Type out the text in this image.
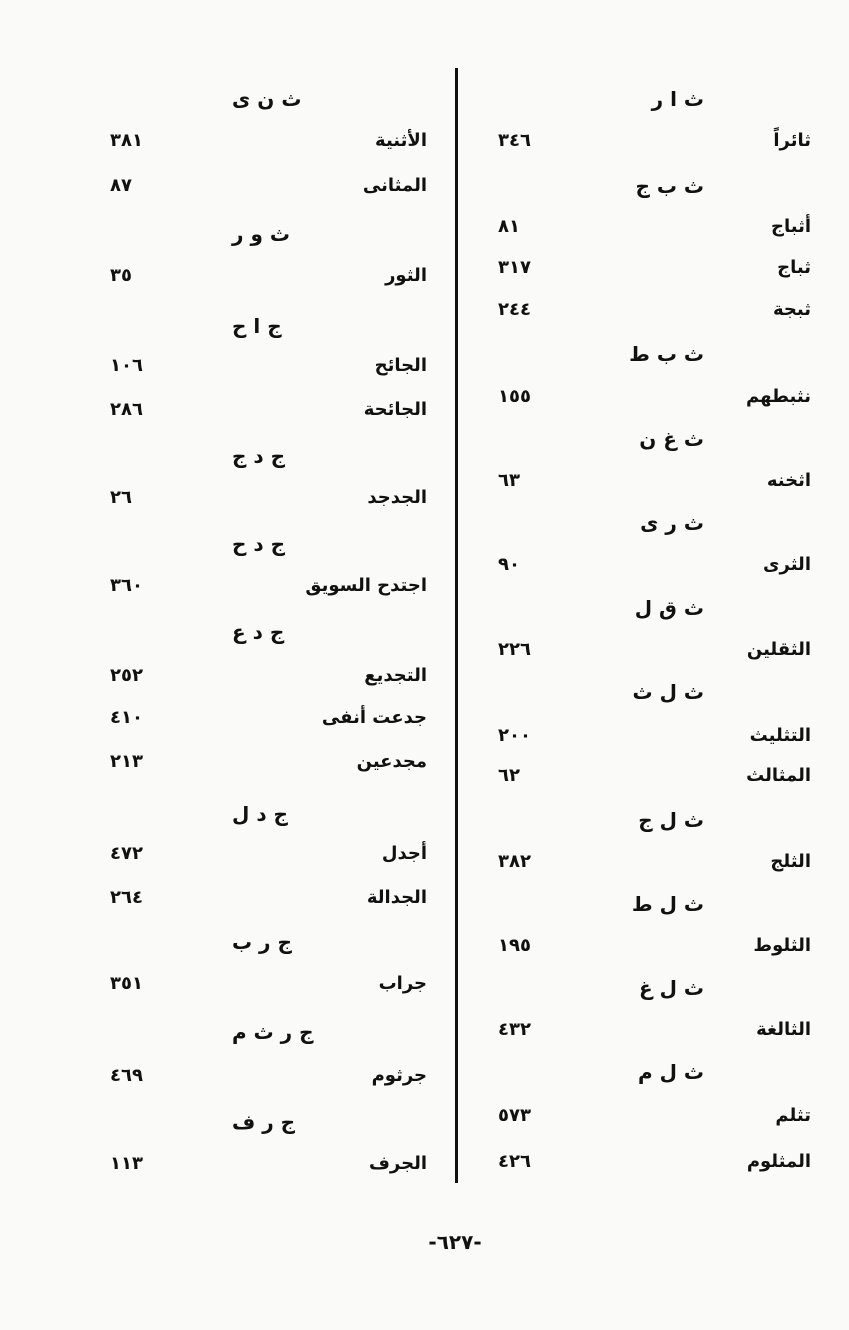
ث ا ر
ثائراً
٣٤٦
ث ب ج
أثباج
٨١
ثباج
٣١٧
ثبجة
٢٤٤
ث ب ط
نثبطهم
١٥٥
ث غ ن
اثخنه
٦٣
ث ر ى
الثرى
٩٠
ث ق ل
الثقلين
٢٢٦
ث ل ث
التثليث
٢٠٠
المثالث
٦٢
ث ل ج
الثلج
٣٨٢
ث ل ط
الثلوط
١٩٥
ث ل غ
الثالغة
٤٣٢
ث ل م
تثلم
٥٧٣
المثلوم
٤٢٦
ث ن ى
الأثنية
٣٨١
المثانى
٨٧
ث و ر
الثور
٣٥
ج ا ح
الجائح
١٠٦
الجائحة
٢٨٦
ج د ج
الجدجد
٢٦
ج د ح
اجتدح السويق
٣٦٠
ج د ع
التجديع
٢٥٢
جدعت أنفى
٤١٠
مجدعين
٢١٣
ج د ل
أجدل
٤٧٢
الجدالة
٢٦٤
ج ر ب
جراب
٣٥١
ج ر ث م
جرثوم
٤٦٩
ج ر ف
الجرف
١١٣
-٦٢٧-
